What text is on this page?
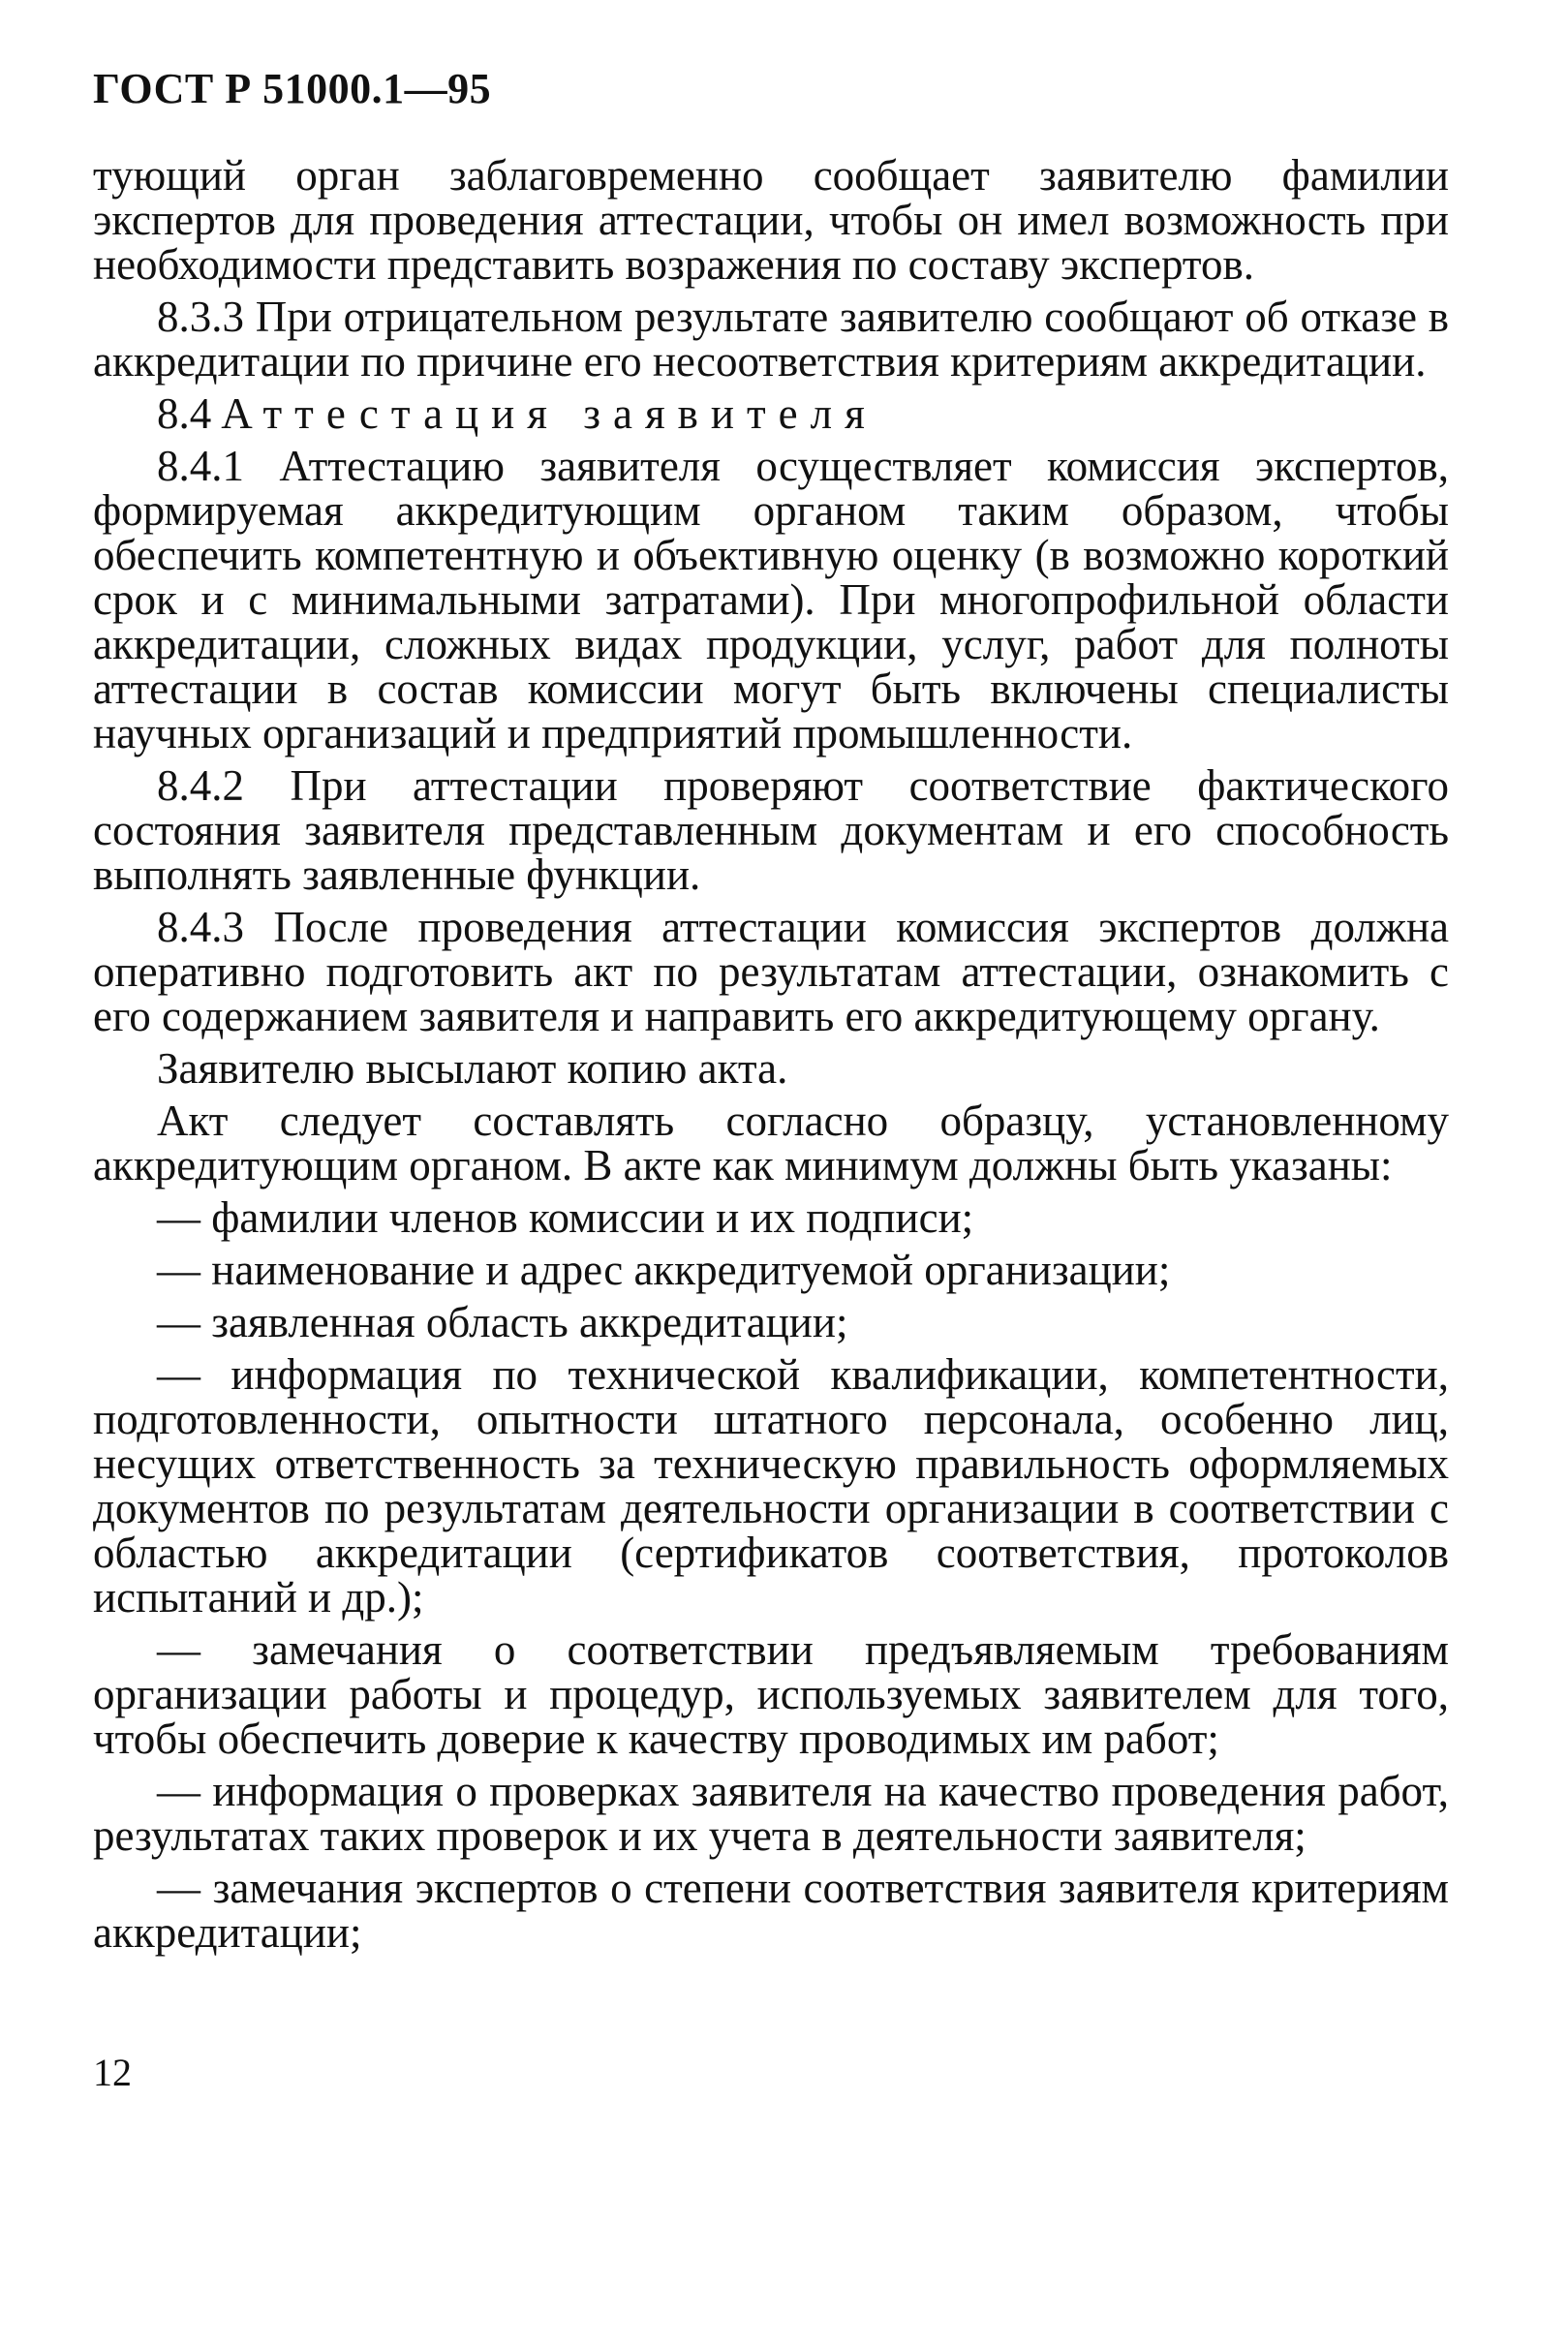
ГОСТ Р 51000.1—95

тующий орган заблаговременно сообщает заявителю фамилии экспертов для проведения аттестации, чтобы он имел возможность при необходимости представить возражения по составу экспертов.

8.3.3 При отрицательном результате заявителю сообщают об отказе в аккредитации по причине его несоответствия критериям аккредитации.

8.4 Аттестация заявителя

8.4.1 Аттестацию заявителя осуществляет комиссия экспертов, формируемая аккредитующим органом таким образом, чтобы обеспечить компетентную и объективную оценку (в возможно короткий срок и с минимальными затратами). При многопрофильной области аккредитации, сложных видах продукции, услуг, работ для полноты аттестации в состав комиссии могут быть включены специалисты научных организаций и предприятий промышленности.

8.4.2 При аттестации проверяют соответствие фактического состояния заявителя представленным документам и его способность выполнять заявленные функции.

8.4.3 После проведения аттестации комиссия экспертов должна оперативно подготовить акт по результатам аттестации, ознакомить с его содержанием заявителя и направить его аккредитующему органу.

Заявителю высылают копию акта.

Акт следует составлять согласно образцу, установленному аккредитующим органом. В акте как минимум должны быть указаны:

— фамилии членов комиссии и их подписи;

— наименование и адрес аккредитуемой организации;

— заявленная область аккредитации;

— информация по технической квалификации, компетентности, подготовленности, опытности штатного персонала, особенно лиц, несущих ответственность за техническую правильность оформляемых документов по результатам деятельности организации в соответствии с областью аккредитации (сертификатов соответствия, протоколов испытаний и др.);

— замечания о соответствии предъявляемым требованиям организации работы и процедур, используемых заявителем для того, чтобы обеспечить доверие к качеству проводимых им работ;

— информация о проверках заявителя на качество проведения работ, результатах таких проверок и их учета в деятельности заявителя;

— замечания экспертов о степени соответствия заявителя критериям аккредитации;

12
